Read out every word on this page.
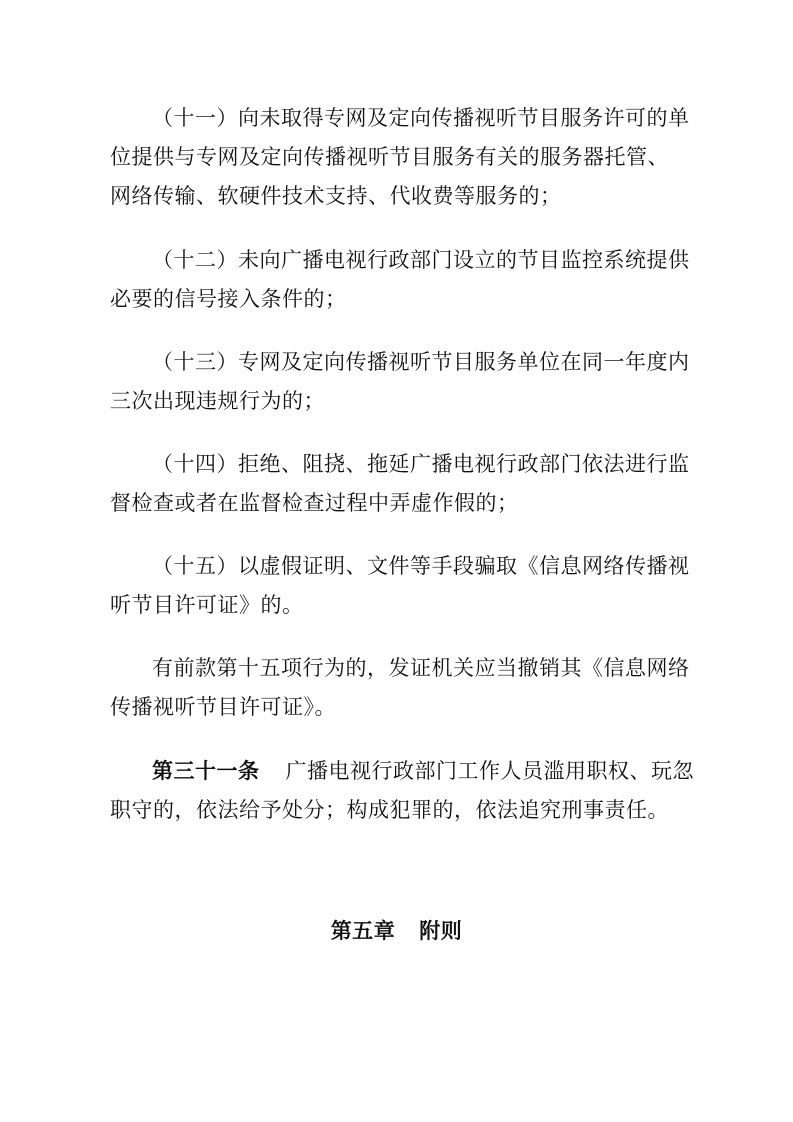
（十一）向未取得专网及定向传播视听节目服务许可的单
位提供与专网及定向传播视听节目服务有关的服务器托管、
网络传输、软硬件技术支持、代收费等服务的；

（十二）未向广播电视行政部门设立的节目监控系统提供
必要的信号接入条件的；

（十三）专网及定向传播视听节目服务单位在同一年度内
三次出现违规行为的；

（十四）拒绝、阻挠、拖延广播电视行政部门依法进行监
督检查或者在监督检查过程中弄虚作假的；

（十五）以虚假证明、文件等手段骗取《信息网络传播视
听节目许可证》的。

有前款第十五项行为的，发证机关应当撤销其《信息网络
传播视听节目许可证》。

第三十一条 广播电视行政部门工作人员滥用职权、玩忽
职守的，依法给予处分；构成犯罪的，依法追究刑事责任。

第五章 附则
